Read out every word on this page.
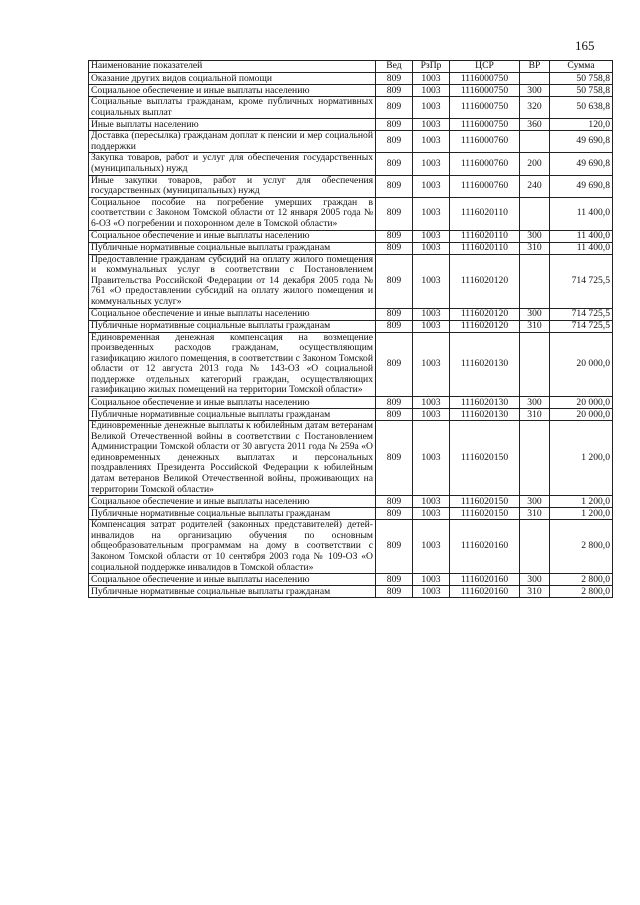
165
Наименование показателей	Вед	РзПр	ЦСР	ВР	Сумма
Оказание других видов социальной помощи	809	1003	1116000750		50 758,8
Социальное обеспечение и иные выплаты населению	809	1003	1116000750	300	50 758,8
Социальные выплаты гражданам, кроме публичных нормативных социальных выплат	809	1003	1116000750	320	50 638,8
Иные выплаты населению	809	1003	1116000750	360	120,0
Доставка (пересылка) гражданам доплат к пенсии и мер социальной поддержки	809	1003	1116000760		49 690,8
Закупка товаров, работ и услуг для обеспечения государственных (муниципальных) нужд	809	1003	1116000760	200	49 690,8
Иные закупки товаров, работ и услуг для обеспечения государственных (муниципальных) нужд	809	1003	1116000760	240	49 690,8
Социальное пособие на погребение умерших граждан в соответствии с Законом Томской области от 12 января 2005 года № 6-ОЗ «О погребении и похоронном деле в Томской области»	809	1003	1116020110		11 400,0
Социальное обеспечение и иные выплаты населению	809	1003	1116020110	300	11 400,0
Публичные нормативные социальные выплаты гражданам	809	1003	1116020110	310	11 400,0
Предоставление гражданам субсидий на оплату жилого помещения и коммунальных услуг в соответствии с Постановлением Правительства Российской Федерации от 14 декабря 2005 года № 761 «О предоставлении субсидий на оплату жилого помещения и коммунальных услуг»	809	1003	1116020120		714 725,5
Социальное обеспечение и иные выплаты населению	809	1003	1116020120	300	714 725,5
Публичные нормативные социальные выплаты гражданам	809	1003	1116020120	310	714 725,5
Единовременная денежная компенсация на возмещение произведенных расходов гражданам, осуществляющим газификацию жилого помещения, в соответствии с Законом Томской области от 12 августа 2013 года № 143-ОЗ «О социальной поддержке отдельных категорий граждан, осуществляющих газификацию жилых помещений на территории Томской области»	809	1003	1116020130		20 000,0
Социальное обеспечение и иные выплаты населению	809	1003	1116020130	300	20 000,0
Публичные нормативные социальные выплаты гражданам	809	1003	1116020130	310	20 000,0
Единовременные денежные выплаты к юбилейным датам ветеранам Великой Отечественной войны в соответствии с Постановлением Администрации Томской области от 30 августа 2011 года № 259а «О единовременных денежных выплатах и персональных поздравлениях Президента Российской Федерации к юбилейным датам ветеранов Великой Отечественной войны, проживающих на территории Томской области»	809	1003	1116020150		1 200,0
Социальное обеспечение и иные выплаты населению	809	1003	1116020150	300	1 200,0
Публичные нормативные социальные выплаты гражданам	809	1003	1116020150	310	1 200,0
Компенсация затрат родителей (законных представителей) детей-инвалидов на организацию обучения по основным общеобразовательным программам на дому в соответствии с Законом Томской области от 10 сентября 2003 года № 109-ОЗ «О социальной поддержке инвалидов в Томской области»	809	1003	1116020160		2 800,0
Социальное обеспечение и иные выплаты населению	809	1003	1116020160	300	2 800,0
Публичные нормативные социальные выплаты гражданам	809	1003	1116020160	310	2 800,0
